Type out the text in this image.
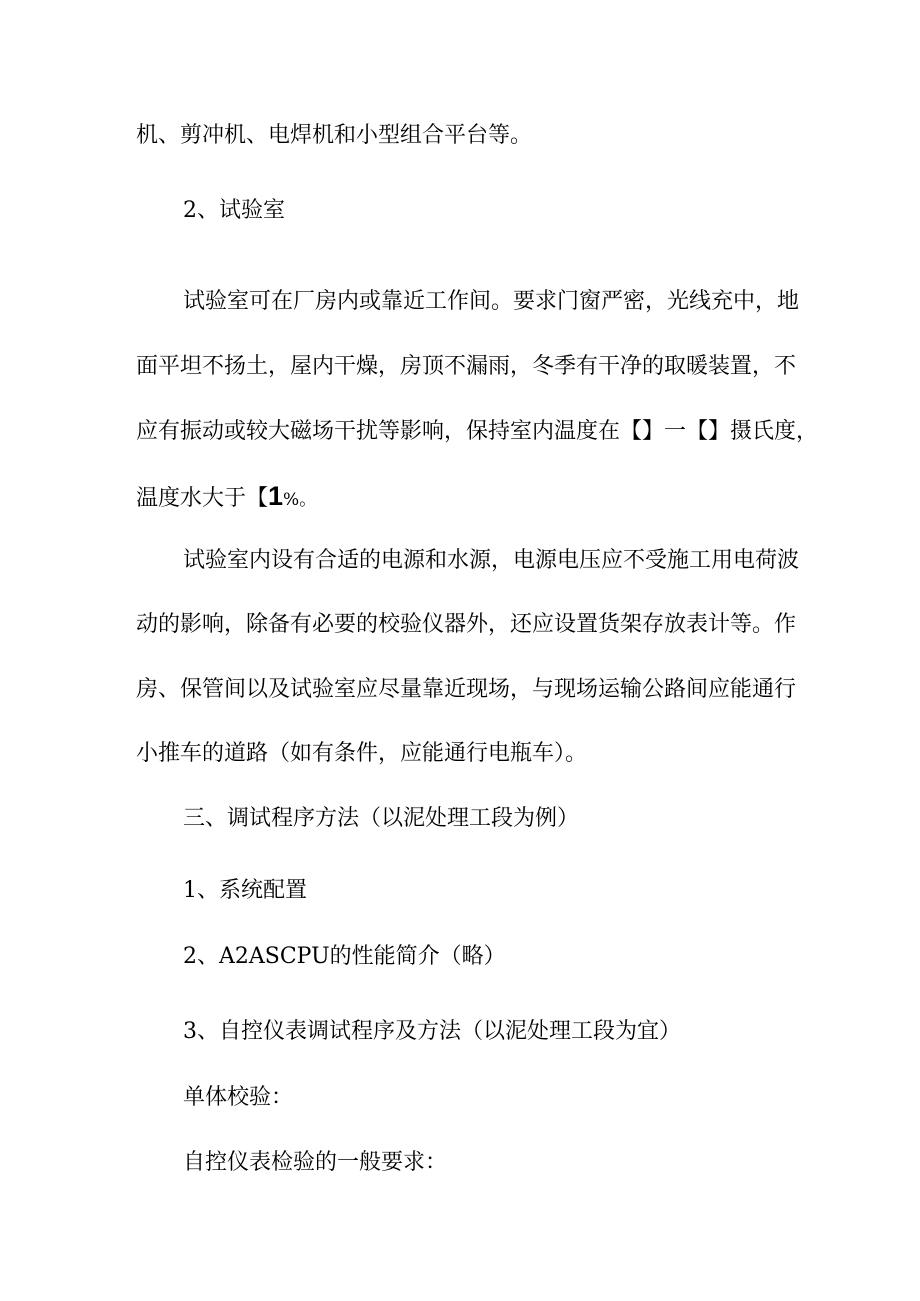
机、剪冲机、电焊机和小型组合平台等。
2、试验室
试验室可在厂房内或靠近工作间。要求门窗严密，光线充中，地
面平坦不扬土，屋内干燥，房顶不漏雨，冬季有干净的取暖装置，不
应有振动或较大磁场干扰等影响，保持室内温度在【】一【】摄氏度，
温度水大于【1%。
试验室内设有合适的电源和水源，电源电压应不受施工用电荷波
动的影响，除备有必要的校验仪器外，还应设置货架存放表计等。作
房、保管间以及试验室应尽量靠近现场，与现场运输公路间应能通行
小推车的道路（如有条件，应能通行电瓶车）。
三、调试程序方法（以泥处理工段为例）
1、系统配置
2、A2ASCPU的性能简介（略）
3、自控仪表调试程序及方法（以泥处理工段为宜）
单体校验：
自控仪表检验的一般要求：
